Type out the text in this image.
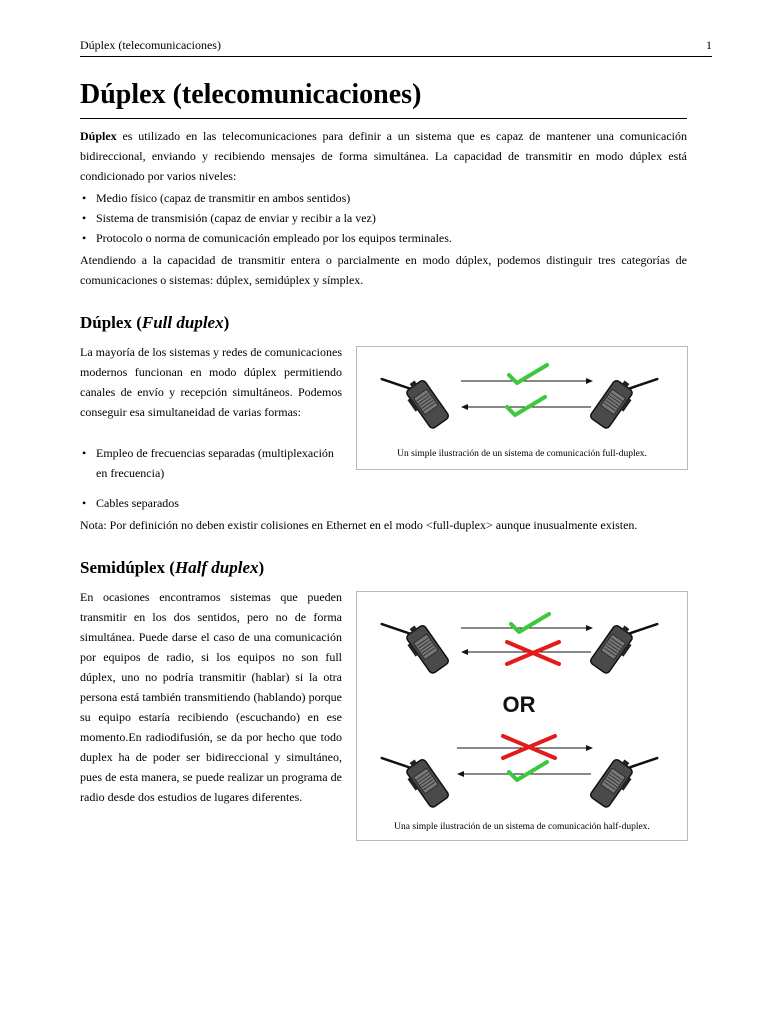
Dúplex (telecomunicaciones)	1
Dúplex (telecomunicaciones)

Dúplex es utilizado en las telecomunicaciones para definir a un sistema que es capaz de mantener una comunicación bidireccional, enviando y recibiendo mensajes de forma simultánea. La capacidad de transmitir en modo dúplex está condicionado por varios niveles:

• Medio físico (capaz de transmitir en ambos sentidos)
• Sistema de transmisión (capaz de enviar y recibir a la vez)
• Protocolo o norma de comunicación empleado por los equipos terminales.

Atendiendo a la capacidad de transmitir entera o parcialmente en modo dúplex, podemos distinguir tres categorías de comunicaciones o sistemas: dúplex, semidúplex y símplex.

Dúplex (Full duplex)

La mayoría de los sistemas y redes de comunicaciones modernos funcionan en modo dúplex permitiendo canales de envío y recepción simultáneos. Podemos conseguir esa simultaneidad de varias formas:

• Empleo de frecuencias separadas (multiplexación en frecuencia)
• Cables separados

Nota: Por definición no deben existir colisiones en Ethernet en el modo <full-duplex> aunque inusualmente existen.

Un simple ilustración de un sistema de comunicación full-duplex.
Semidúplex (Half duplex)

En ocasiones encontramos sistemas que pueden transmitir en los dos sentidos, pero no de forma simultánea. Puede darse el caso de una comunicación por equipos de radio, si los equipos no son full dúplex, uno no podría transmitir (hablar) si la otra persona está también transmitiendo (hablando) porque su equipo estaría recibiendo (escuchando) en ese momento.En radiodifusión, se da por hecho que todo duplex ha de poder ser bidireccional y simultáneo, pues de esta manera, se puede realizar un programa de radio desde dos estudios de lugares diferentes.

OR
Una simple ilustración de un sistema de comunicación half-duplex.
